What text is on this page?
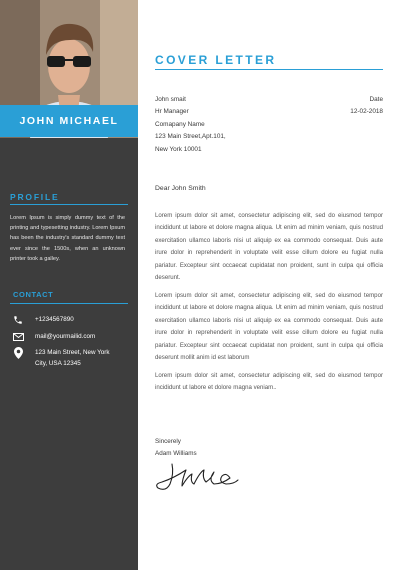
JOHN MICHAEL
PROFILE
Lorem Ipsum is simply dummy text of the printing and typesetting industry. Lorem Ipsum has been the industry's standard dummy text ever since the 1500s, when an unknown printer took a galley.
CONTACT
+1234567890
mail@yourmailid.com
123 Main Street, New York
City, USA 12345
COVER LETTER
John smait
Hr Manager
Comapany Name
123 Main Street,Apt.101,
New York 10001
Date
12-02-2018
Dear John Smith
Lorem ipsum dolor sit amet, consectetur adipiscing elit, sed do eiusmod tempor incididunt ut labore et dolore magna aliqua. Ut enim ad minim veniam, quis nostrud exercitation ullamco laboris nisi ut aliquip ex ea commodo consequat. Duis aute irure dolor in reprehenderit in voluptate velit esse cillum dolore eu fugiat nulla pariatur. Excepteur sint occaecat cupidatat non proident, sunt in culpa qui officia deserunt.
Lorem ipsum dolor sit amet, consectetur adipiscing elit, sed do eiusmod tempor incididunt ut labore et dolore magna aliqua. Ut enim ad minim veniam, quis nostrud exercitation ullamco laboris nisi ut aliquip ex ea commodo consequat. Duis aute irure dolor in reprehenderit in voluptate velit esse cillum dolore eu fugiat nulla pariatur. Excepteur sint occaecat cupidatat non proident, sunt in culpa qui officia deserunt mollit anim id est laborum
Lorem ipsum dolor sit amet, consectetur adipiscing elit, sed do eiusmod tempor incididunt ut labore et dolore magna veniam..
Sincerely
Adam Williams
